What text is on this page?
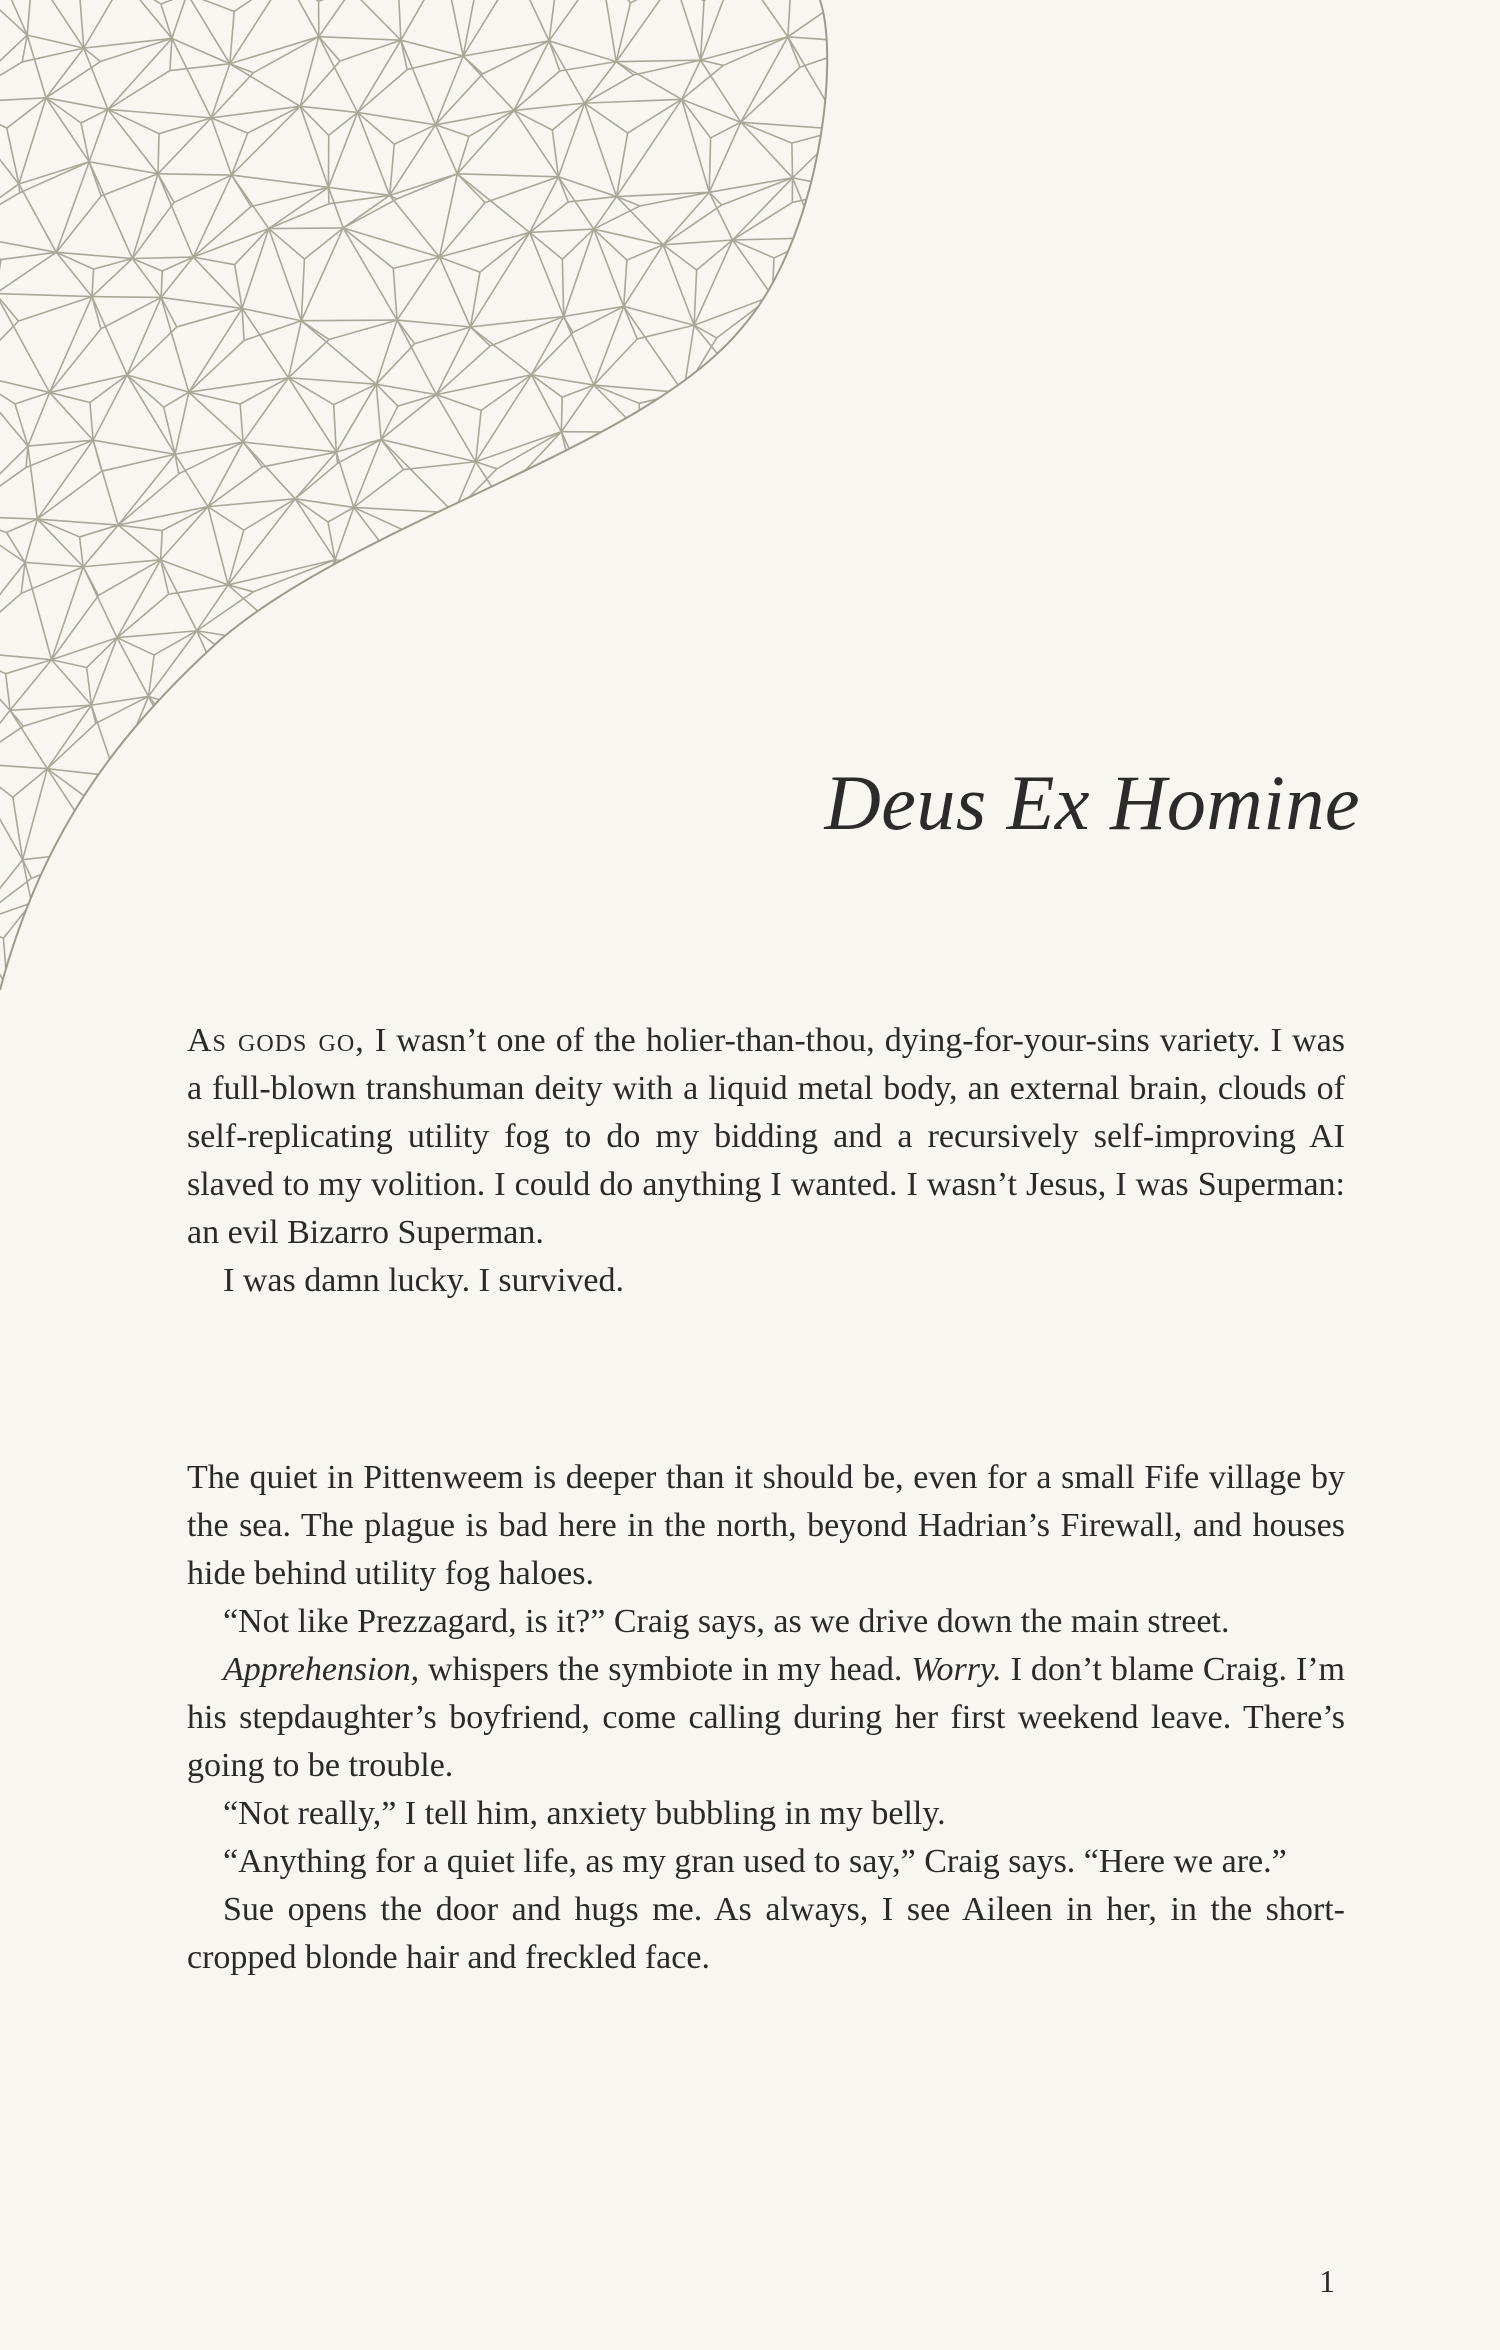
Deus Ex Homine

As gods go, I wasn’t one of the holier-than-thou, dying-for-your-sins variety. I was a full-blown transhuman deity with a liquid metal body, an external brain, clouds of self-replicating utility fog to do my bidding and a recursively self-improving AI slaved to my volition. I could do anything I wanted. I wasn’t Jesus, I was Superman: an evil Bizarro Superman.

I was damn lucky. I survived.

The quiet in Pittenweem is deeper than it should be, even for a small Fife village by the sea. The plague is bad here in the north, beyond Hadrian’s Firewall, and houses hide behind utility fog haloes.

“Not like Prezzagard, is it?” Craig says, as we drive down the main street.

Apprehension, whispers the symbiote in my head. Worry. I don’t blame Craig. I’m his stepdaughter’s boyfriend, come calling during her first weekend leave. There’s going to be trouble.

“Not really,” I tell him, anxiety bubbling in my belly.

“Anything for a quiet life, as my gran used to say,” Craig says. “Here we are.”

Sue opens the door and hugs me. As always, I see Aileen in her, in the short-cropped blonde hair and freckled face.

1
